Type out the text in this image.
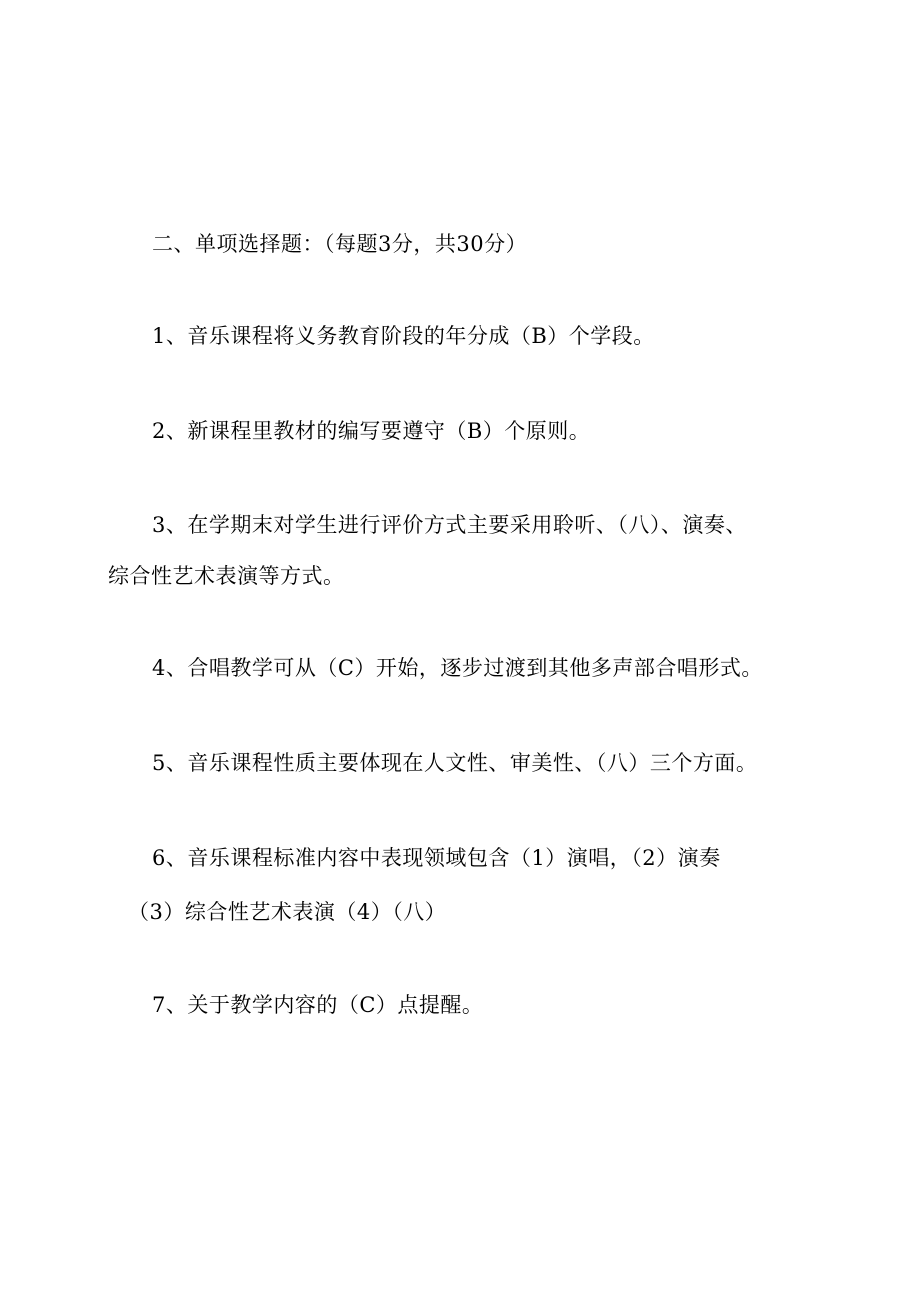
二、单项选择题：（每题3分，共30分）
1、音乐课程将义务教育阶段的年分成（B）个学段。
2、新课程里教材的编写要遵守（B）个原则。
3、在学期末对学生进行评价方式主要采用聆听、（八）、演奏、
综合性艺术表演等方式。
4、合唱教学可从（C）开始，逐步过渡到其他多声部合唱形式。
5、音乐课程性质主要体现在人文性、审美性、（八）三个方面。
6、音乐课程标准内容中表现领域包含（1）演唱，（2）演奏
（3）综合性艺术表演（4）（八）
7、关于教学内容的（C）点提醒。
